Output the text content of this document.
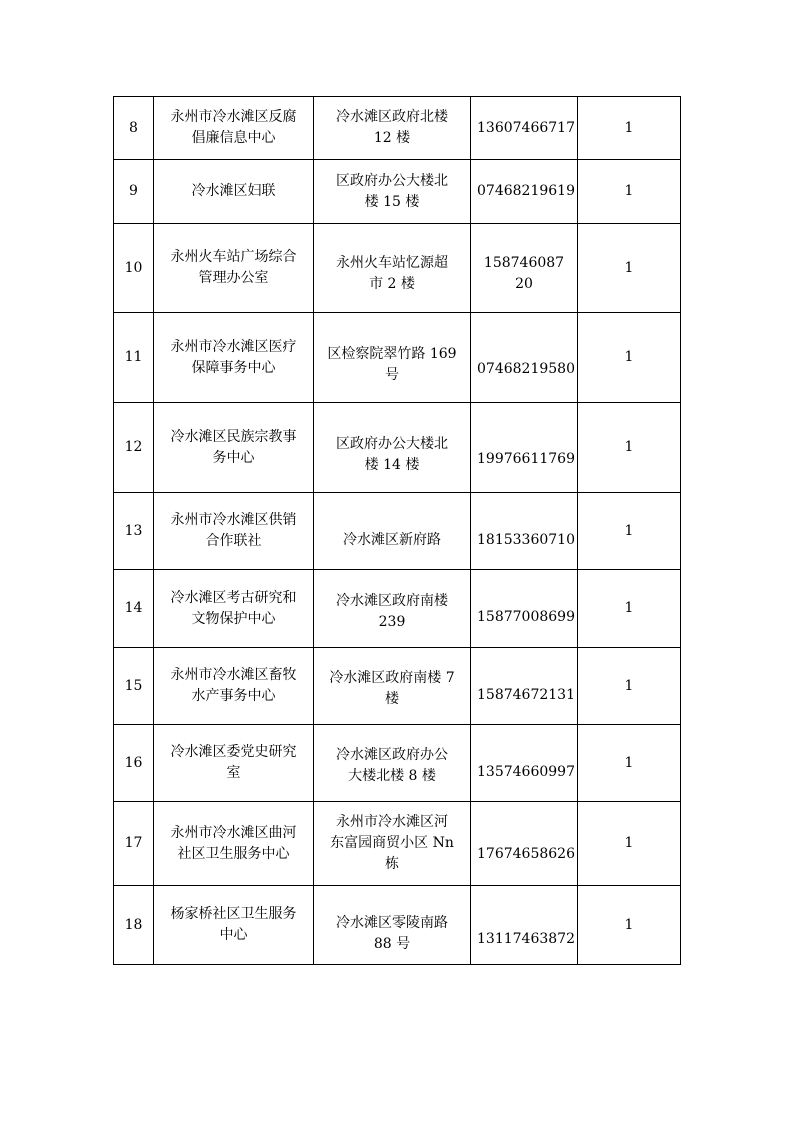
8	永州市冷水滩区反腐
倡廉信息中心	冷水滩区政府北楼
12 楼	13607466717	1

9	冷水滩区妇联	区政府办公大楼北
楼 15 楼	07468219619	1

10	永州火车站广场综合
管理办公室	永州火车站忆源超
市 2 楼	158746087
20	1

11	永州市冷水滩区医疗
保障事务中心	区检察院翠竹路 169
号	07468219580	1

12	冷水滩区民族宗教事
务中心	区政府办公大楼北
楼 14 楼	19976611769	1

13	永州市冷水滩区供销
合作联社	冷水滩区新府路	18153360710	1

14	冷水滩区考古研究和
文物保护中心	冷水滩区政府南楼
239	15877008699	1

15	永州市冷水滩区畜牧
水产事务中心	冷水滩区政府南楼 7
楼	15874672131	1

16	冷水滩区委党史研究
室	冷水滩区政府办公
大楼北楼 8 楼	13574660997	1

17	永州市冷水滩区曲河
社区卫生服务中心	永州市冷水滩区河
东富园商贸小区 Nn
栋	17674658626	1

18	杨家桥社区卫生服务
中心	冷水滩区零陵南路
88 号	13117463872	1
